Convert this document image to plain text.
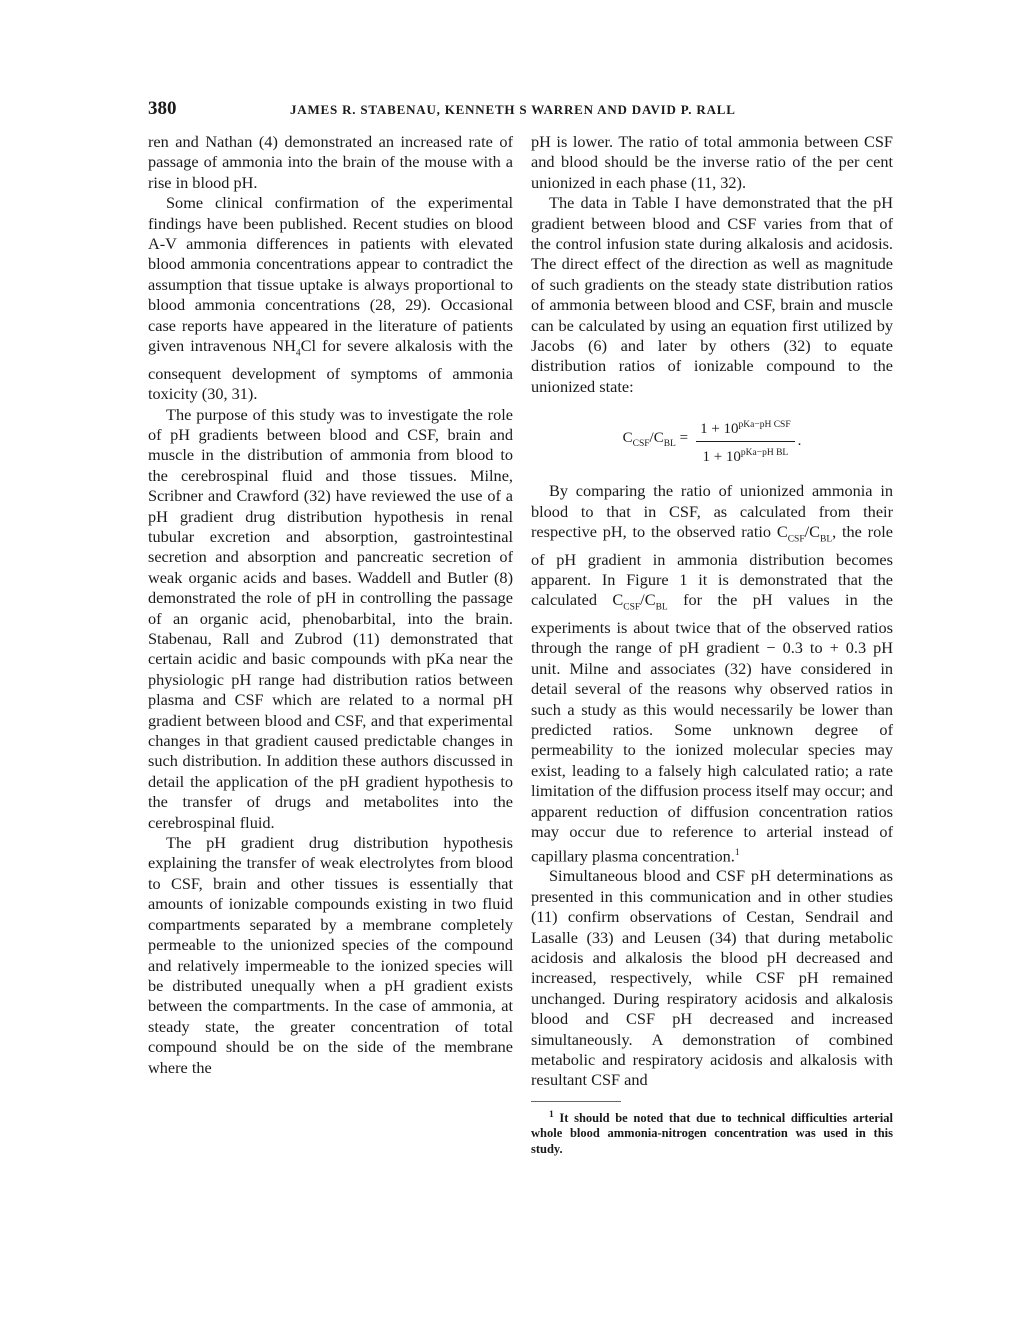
380	JAMES R. STABENAU, KENNETH S WARREN AND DAVID P. RALL

ren and Nathan (4) demonstrated an increased rate of passage of ammonia into the brain of the mouse with a rise in blood pH.

Some clinical confirmation of the experimental findings have been published. Recent studies on blood A-V ammonia differences in patients with elevated blood ammonia concentrations appear to contradict the assumption that tissue uptake is always proportional to blood ammonia concentrations (28, 29). Occasional case reports have appeared in the literature of patients given intravenous $NH_4Cl$ for severe alkalosis with the consequent development of symptoms of ammonia toxicity (30, 31).

The purpose of this study was to investigate the role of pH gradients between blood and CSF, brain and muscle in the distribution of ammonia from blood to the cerebrospinal fluid and those tissues. Milne, Scribner and Crawford (32) have reviewed the use of a pH gradient drug distribution hypothesis in renal tubular excretion and absorption, gastrointestinal secretion and absorption and pancreatic secretion of weak organic acids and bases. Waddell and Butler (8) demonstrated the role of pH in controlling the passage of an organic acid, phenobarbital, into the brain. Stabenau, Rall and Zubrod (11) demonstrated that certain acidic and basic compounds with pKa near the physiologic pH range had distribution ratios between plasma and CSF which are related to a normal pH gradient between blood and CSF, and that experimental changes in that gradient caused predictable changes in such distribution. In addition these authors discussed in detail the application of the pH gradient hypothesis to the transfer of drugs and metabolites into the cerebrospinal fluid.

The pH gradient drug distribution hypothesis explaining the transfer of weak electrolytes from blood to CSF, brain and other tissues is essentially that amounts of ionizable compounds existing in two fluid compartments separated by a membrane completely permeable to the unionized species of the compound and relatively impermeable to the ionized species will be distributed unequally when a pH gradient exists between the compartments. In the case of ammonia, at steady state, the greater concentration of total compound should be on the side of the membrane where the

pH is lower. The ratio of total ammonia between CSF and blood should be the inverse ratio of the per cent unionized in each phase (11, 32).

The data in Table I have demonstrated that the pH gradient between blood and CSF varies from that of the control infusion state during alkalosis and acidosis. The direct effect of the direction as well as magnitude of such gradients on the steady state distribution ratios of ammonia between blood and CSF, brain and muscle can be calculated by using an equation first utilized by Jacobs (6) and later by others (32) to equate distribution ratios of ionizable compound to the unionized state:

$C_{CSF}/C_{BL} = \frac{1 + 10^{pKa-pH CSF}}{1 + 10^{pKa-pH BL}}$ .

By comparing the ratio of unionized ammonia in blood to that in CSF, as calculated from their respective pH, to the observed ratio $C_{CSF}/C_{BL}$, the role of pH gradient in ammonia distribution becomes apparent. In Figure 1 it is demonstrated that the calculated $C_{CSF}/C_{BL}$ for the pH values in the experiments is about twice that of the observed ratios through the range of pH gradient − 0.3 to + 0.3 pH unit. Milne and associates (32) have considered in detail several of the reasons why observed ratios in such a study as this would necessarily be lower than predicted ratios. Some unknown degree of permeability to the ionized molecular species may exist, leading to a falsely high calculated ratio; a rate limitation of the diffusion process itself may occur; and apparent reduction of diffusion concentration ratios may occur due to reference to arterial instead of capillary plasma concentration.$^1$

Simultaneous blood and CSF pH determinations as presented in this communication and in other studies (11) confirm observations of Cestan, Sendrail and Lasalle (33) and Leusen (34) that during metabolic acidosis and alkalosis the blood pH decreased and increased, respectively, while CSF pH remained unchanged. During respiratory acidosis and alkalosis blood and CSF pH decreased and increased simultaneously. A demonstration of combined metabolic and respiratory acidosis and alkalosis with resultant CSF and

$^1$ It should be noted that due to technical difficulties arterial whole blood ammonia-nitrogen concentration was used in this study.
